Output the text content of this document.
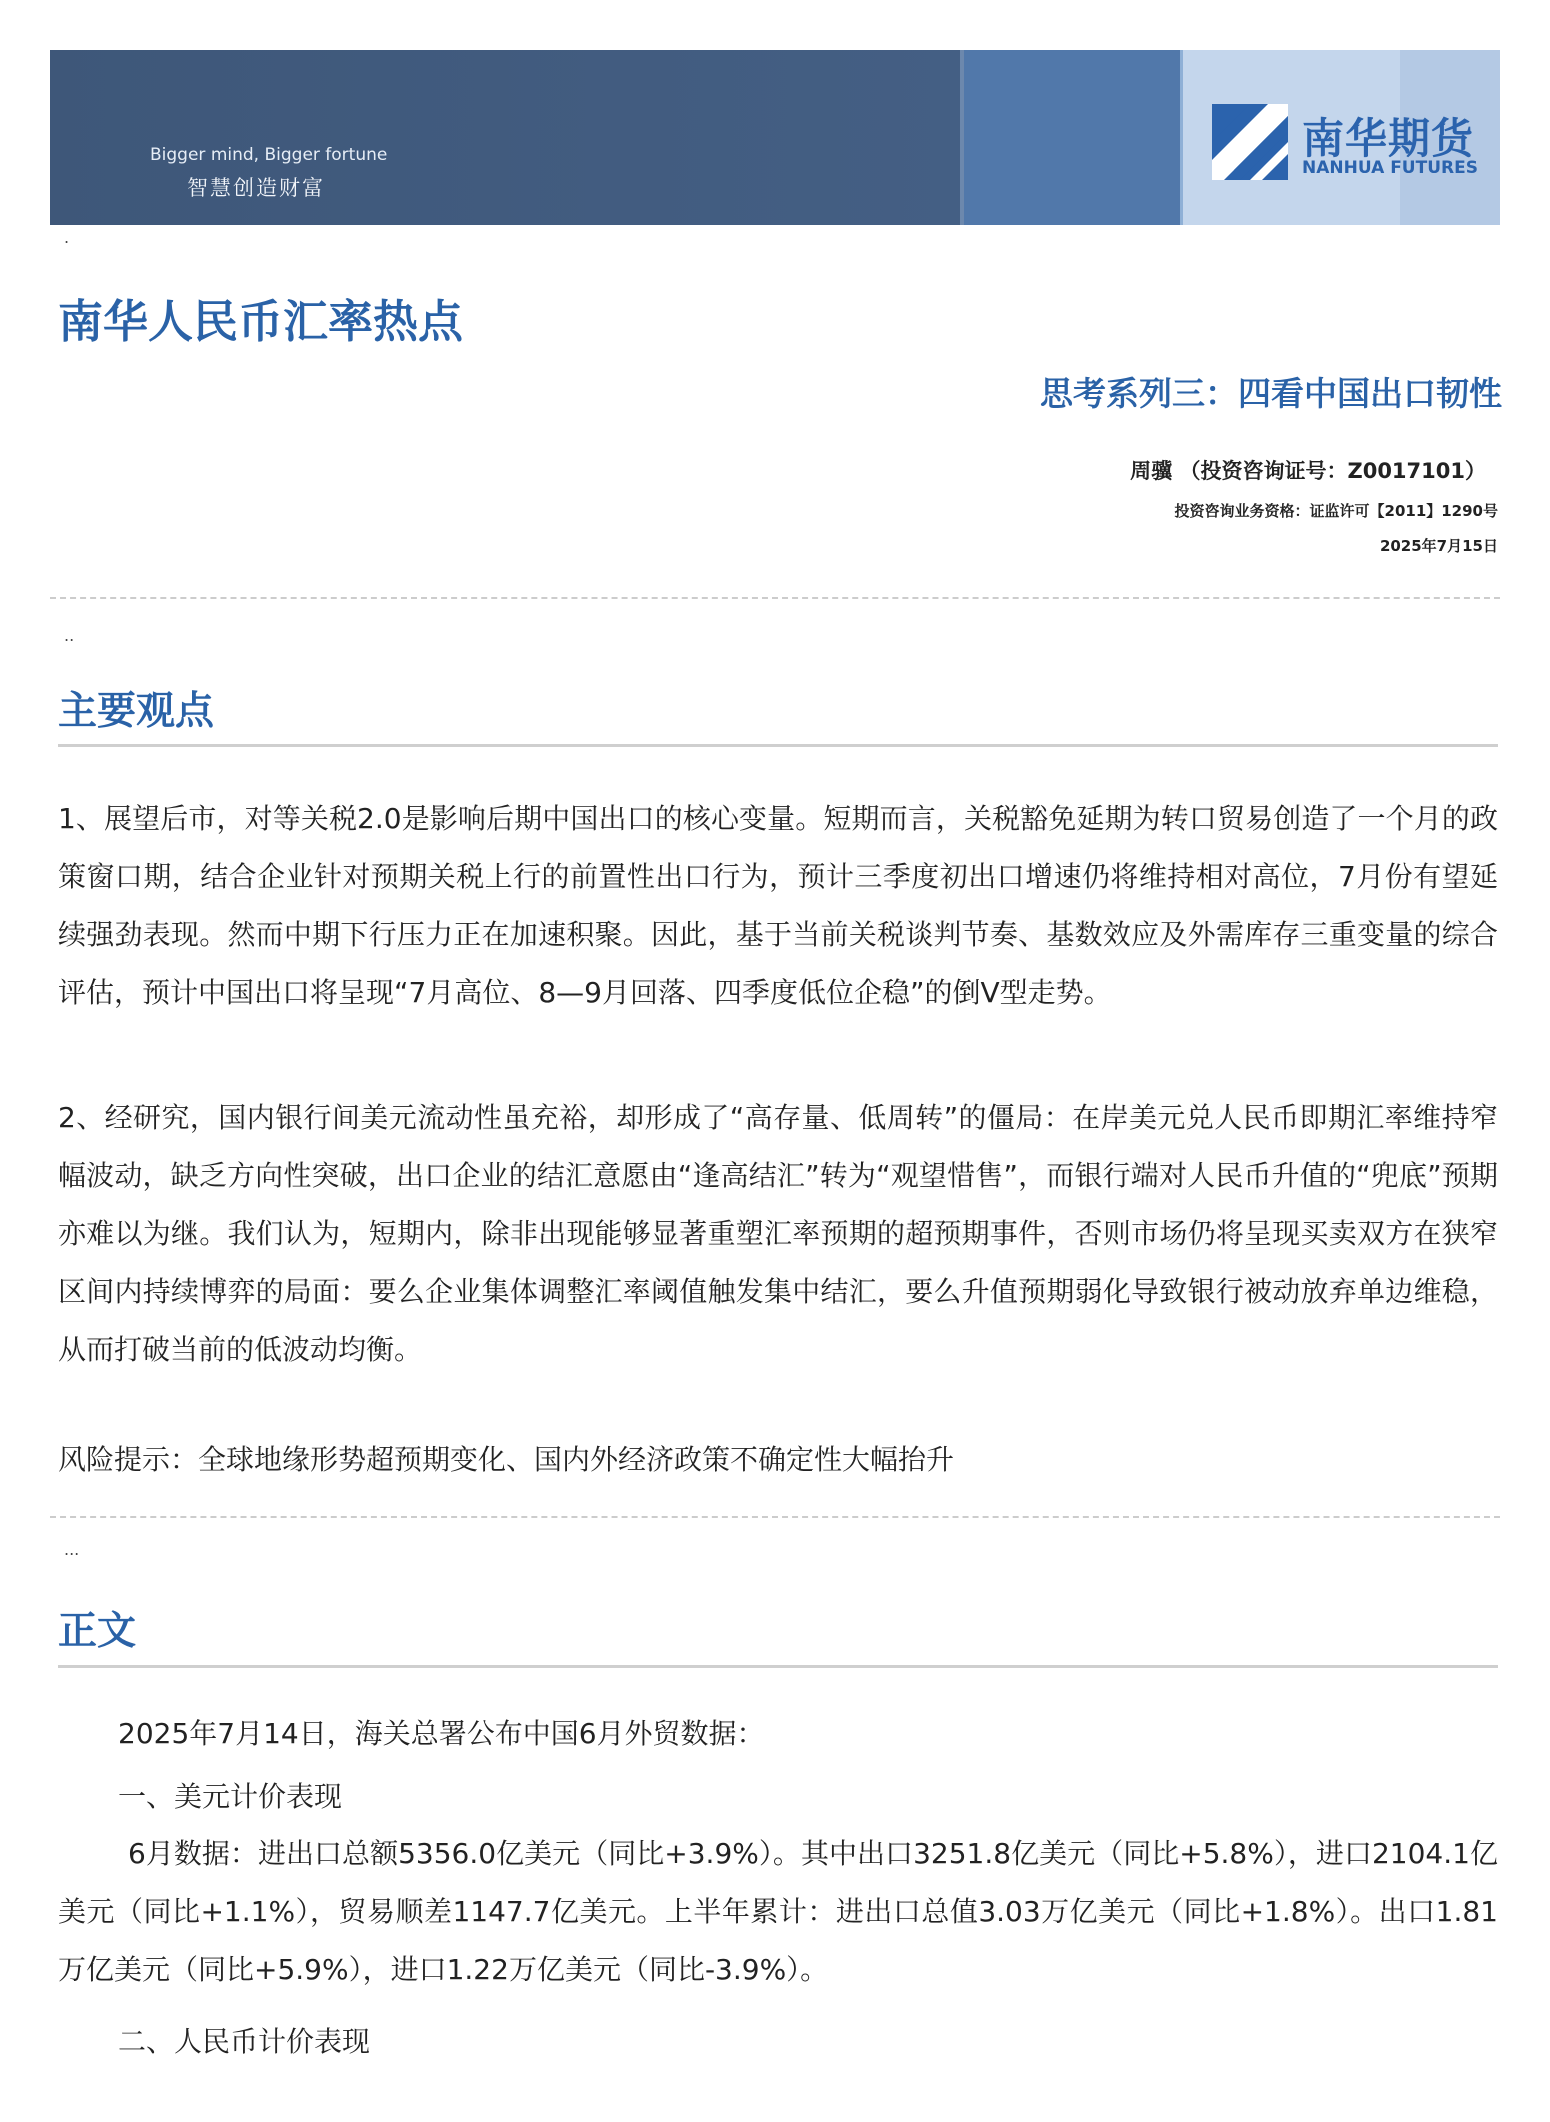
Bigger mind, Bigger fortune
智慧创造财富
南华期货
NANHUA FUTURES
.
南华人民币汇率热点
思考系列三：四看中国出口韧性
周骥 （投资咨询证号：Z0017101）
投资咨询业务资格：证监许可【2011】1290号
2025年7月15日
..
主要观点

1、展望后市，对等关税2.0是影响后期中国出口的核心变量。短期而言，关税豁免延期为转口贸易创造了一个月的政策窗口期，结合企业针对预期关税上行的前置性出口行为，预计三季度初出口增速仍将维持相对高位，7月份有望延续强劲表现。然而中期下行压力正在加速积聚。因此，基于当前关税谈判节奏、基数效应及外需库存三重变量的综合评估，预计中国出口将呈现“7月高位、8—9月回落、四季度低位企稳”的倒V型走势。

2、经研究，国内银行间美元流动性虽充裕，却形成了“高存量、低周转”的僵局：在岸美元兑人民币即期汇率维持窄幅波动，缺乏方向性突破，出口企业的结汇意愿由“逢高结汇”转为“观望惜售”，而银行端对人民币升值的“兜底”预期亦难以为继。我们认为，短期内，除非出现能够显著重塑汇率预期的超预期事件，否则市场仍将呈现买卖双方在狭窄区间内持续博弈的局面：要么企业集体调整汇率阈值触发集中结汇，要么升值预期弱化导致银行被动放弃单边维稳，从而打破当前的低波动均衡。

风险提示：全球地缘形势超预期变化、国内外经济政策不确定性大幅抬升
...
正文
2025年7月14日，海关总署公布中国6月外贸数据：
一、美元计价表现

6月数据：进出口总额5356.0亿美元（同比+3.9%）。其中出口3251.8亿美元（同比+5.8%），进口2104.1亿美元（同比+1.1%），贸易顺差1147.7亿美元。上半年累计：进出口总值3.03万亿美元（同比+1.8%）。出口1.81万亿美元（同比+5.9%），进口1.22万亿美元（同比-3.9%）。

二、人民币计价表现
